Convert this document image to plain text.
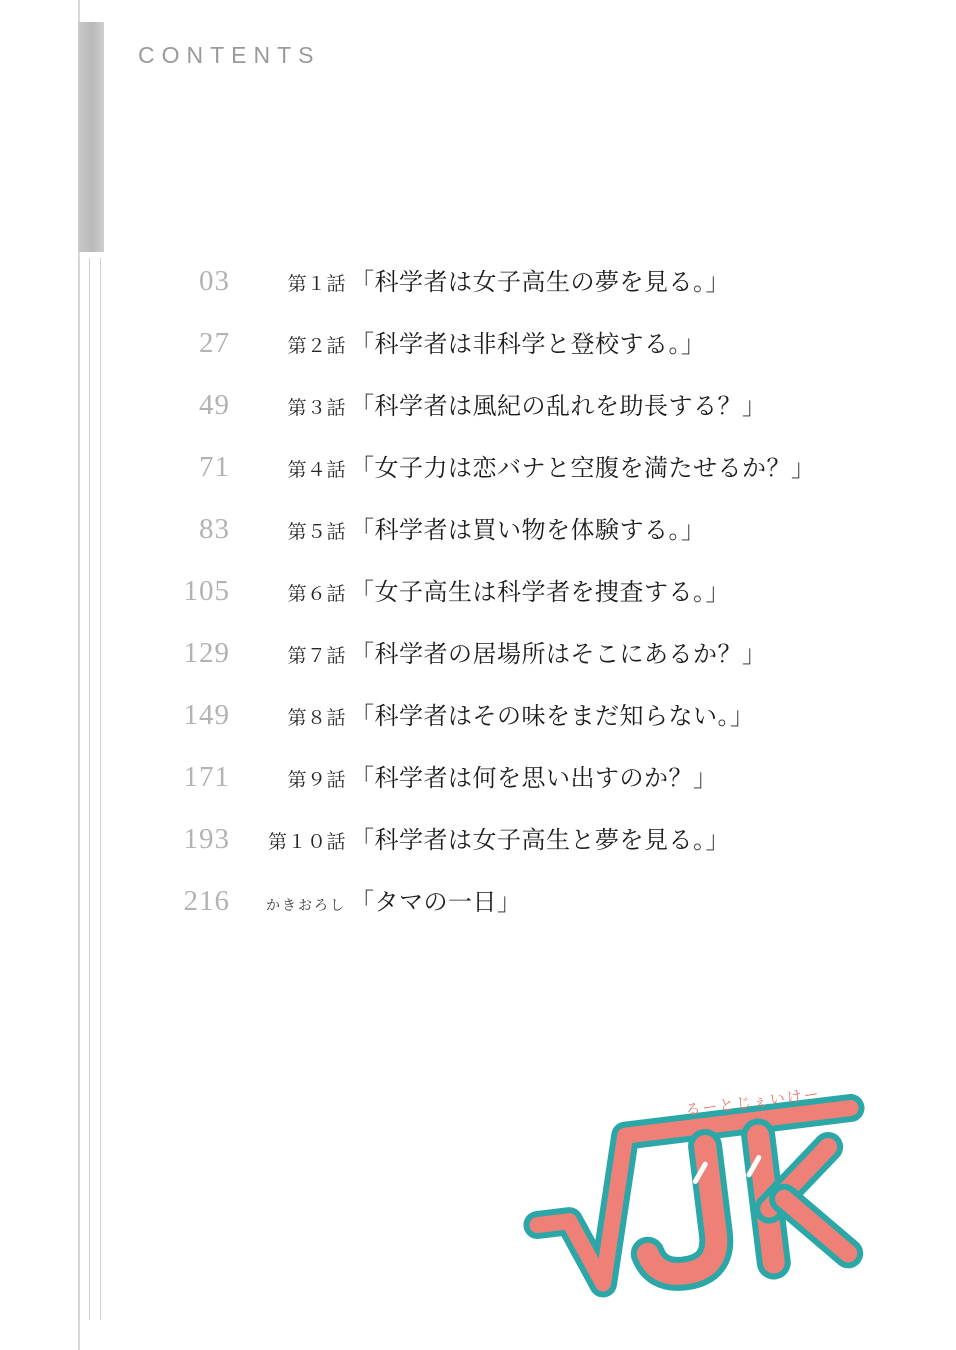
CONTENTS
03	第１話 「科学者は女子高生の夢を見る。」
27	第２話 「科学者は非科学と登校する。」
49	第３話 「科学者は風紀の乱れを助長する？」
71	第４話 「女子力は恋バナと空腹を満たせるか？」
83	第５話 「科学者は買い物を体験する。」
105	第６話 「女子高生は科学者を捜査する。」
129	第７話 「科学者の居場所はそこにあるか？」
149	第８話 「科学者はその味をまだ知らない。」
171	第９話 「科学者は何を思い出すのか？」
193	第１０話 「科学者は女子高生と夢を見る。」
216	かきおろし 「タマの一日」
るーとじぇいけー
